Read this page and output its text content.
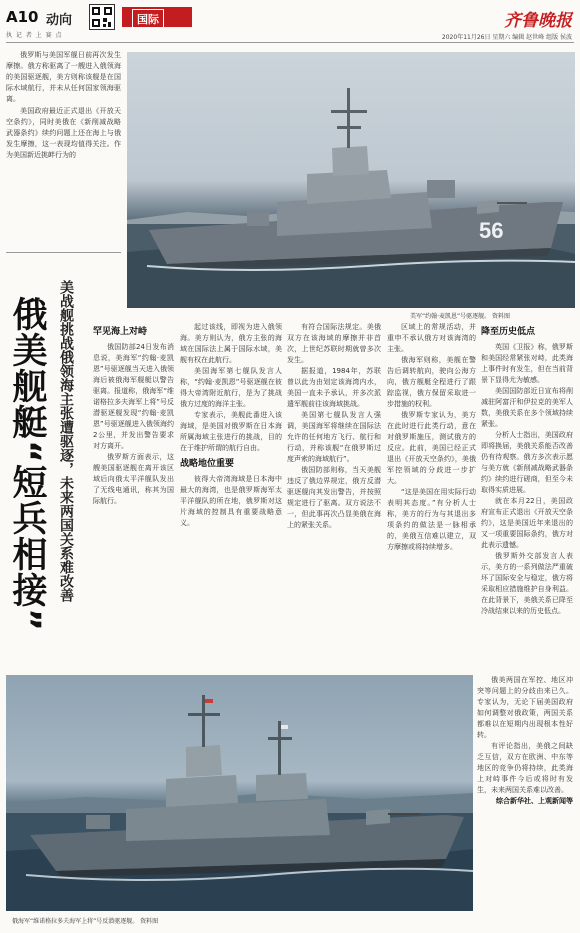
A10 动向
执 记 者 上 赛 点
国际	齐鲁晚报
2020年11月26日 星期六 编辑 赵世峰 组版 侯波

俄罗斯与美国军舰日前再次发生摩擦。俄方称驱离了一艘进入俄领海的美国驱逐舰，美方则称该舰是在国际水域航行，并未从任何国家领海驱离。

美国政府最近正式退出《开放天空条约》，同时美俄在《新削减战略武器条约》续约问题上还在海上与俄发生摩擦，这一表现均值得关注。作为美国新近挑衅行为的

56
美军“约翰·麦凯恩”号驱逐舰。 资料图
俄美舰艇“短兵相接” 美战舰挑战俄领海主张遭驱逐，未来两国关系难改善 罕见海上对峙

俄国防部24日发布消息说，美海军“约翰·麦凯恩”号驱逐舰当天进入俄领海后被俄海军舰艇以警告驱离。报道称，俄海军“维诺格拉多夫海军上将”号反潜驱逐舰发现“约翰·麦凯恩”号驱逐舰进入俄领海约2公里，并发出警告要求对方离开。

俄罗斯方面表示，这艘美国驱逐舰在离开该区域后向俄太平洋舰队发出了无线电通讯，称其为国际航行。

起过该线，即视为进入俄领海。美方则认为，俄方主张的海域在国际法上属于国际水域，美舰有权在此航行。

美国海军第七舰队发言人称，“约翰·麦凯恩”号驱逐舰在彼得大帝湾附近航行，是为了挑战俄方过度的海洋主张。

专家表示，美舰此番进入该海域，是美国对俄罗斯在日本海所属海域主张进行的挑战，目的在于维护所谓的航行自由。

战略地位重要

彼得大帝湾海域是日本海中最大的海湾，也是俄罗斯海军太平洋舰队的所在地，俄罗斯对这片海域的控制具有重要战略意义。

有符合国际法规定。美俄双方在该海域的摩擦并非首次，上世纪苏联时期就曾多次发生。

据报道，1984年，苏联曾以此为由划定该海湾内水，美国一直未予承认，并多次派遣军舰前往该海域挑战。

美国第七舰队发言人强调，美国海军将继续在国际法允许的任何地方飞行、航行和行动，并称该舰“在俄罗斯过度声索的海域航行”。

俄国防部则称，当天美舰违反了俄边界规定，俄方反潜驱逐舰向其发出警告，并按照规定进行了驱离。双方说法不一，但此事再次凸显美俄在海上的紧张关系。

区域上的常规活动，并重申不承认俄方对该海湾的主张。

俄海军则称，美舰在警告后调转航向，驶向公海方向，俄方舰艇全程进行了跟踪监视，俄方保留采取进一步措施的权利。

俄罗斯专家认为，美方在此时进行此类行动，意在对俄罗斯施压，测试俄方的反应。此前，美国已经正式退出《开放天空条约》，美俄军控领域的分歧进一步扩大。

“这是美国在用实际行动表明其态度。”有分析人士称，美方的行为与其退出多项条约的做法是一脉相承的，美俄互信难以建立，双方摩擦或将持续增多。

降至历史低点

英国《卫报》称，俄罗斯和美国经常紧张对峙，此类海上事件时有发生，但在当前背景下显得尤为敏感。

美国国防部近日宣布将削减驻阿富汗和伊拉克的美军人数，美俄关系在多个领域持续紧张。

分析人士指出，美国政府即将换届，美俄关系能否改善仍有待观察。俄方多次表示愿与美方就《新削减战略武器条约》续约进行磋商，但至今未取得实质进展。

就在本月22日，美国政府宣布正式退出《开放天空条约》，这是美国近年来退出的又一项重要国际条约，俄方对此表示遗憾。

俄罗斯外交部发言人表示，美方的一系列做法严重破坏了国际安全与稳定，俄方将采取相应措施维护自身利益。在此背景下，美俄关系已降至冷战结束以来的历史低点。

俄海军“维诺格拉多夫海军上将”号反潜驱逐舰。 资料图

俄美两国在军控、地区冲突等问题上的分歧由来已久。专家认为，无论下届美国政府如何调整对俄政策，两国关系都难以在短期内出现根本性好转。

有评论指出，美俄之间缺乏互信，双方在欧洲、中东等地区的竞争仍将持续，此类海上对峙事件今后或将时有发生，未来两国关系难以改善。

综合新华社、上观新闻等
